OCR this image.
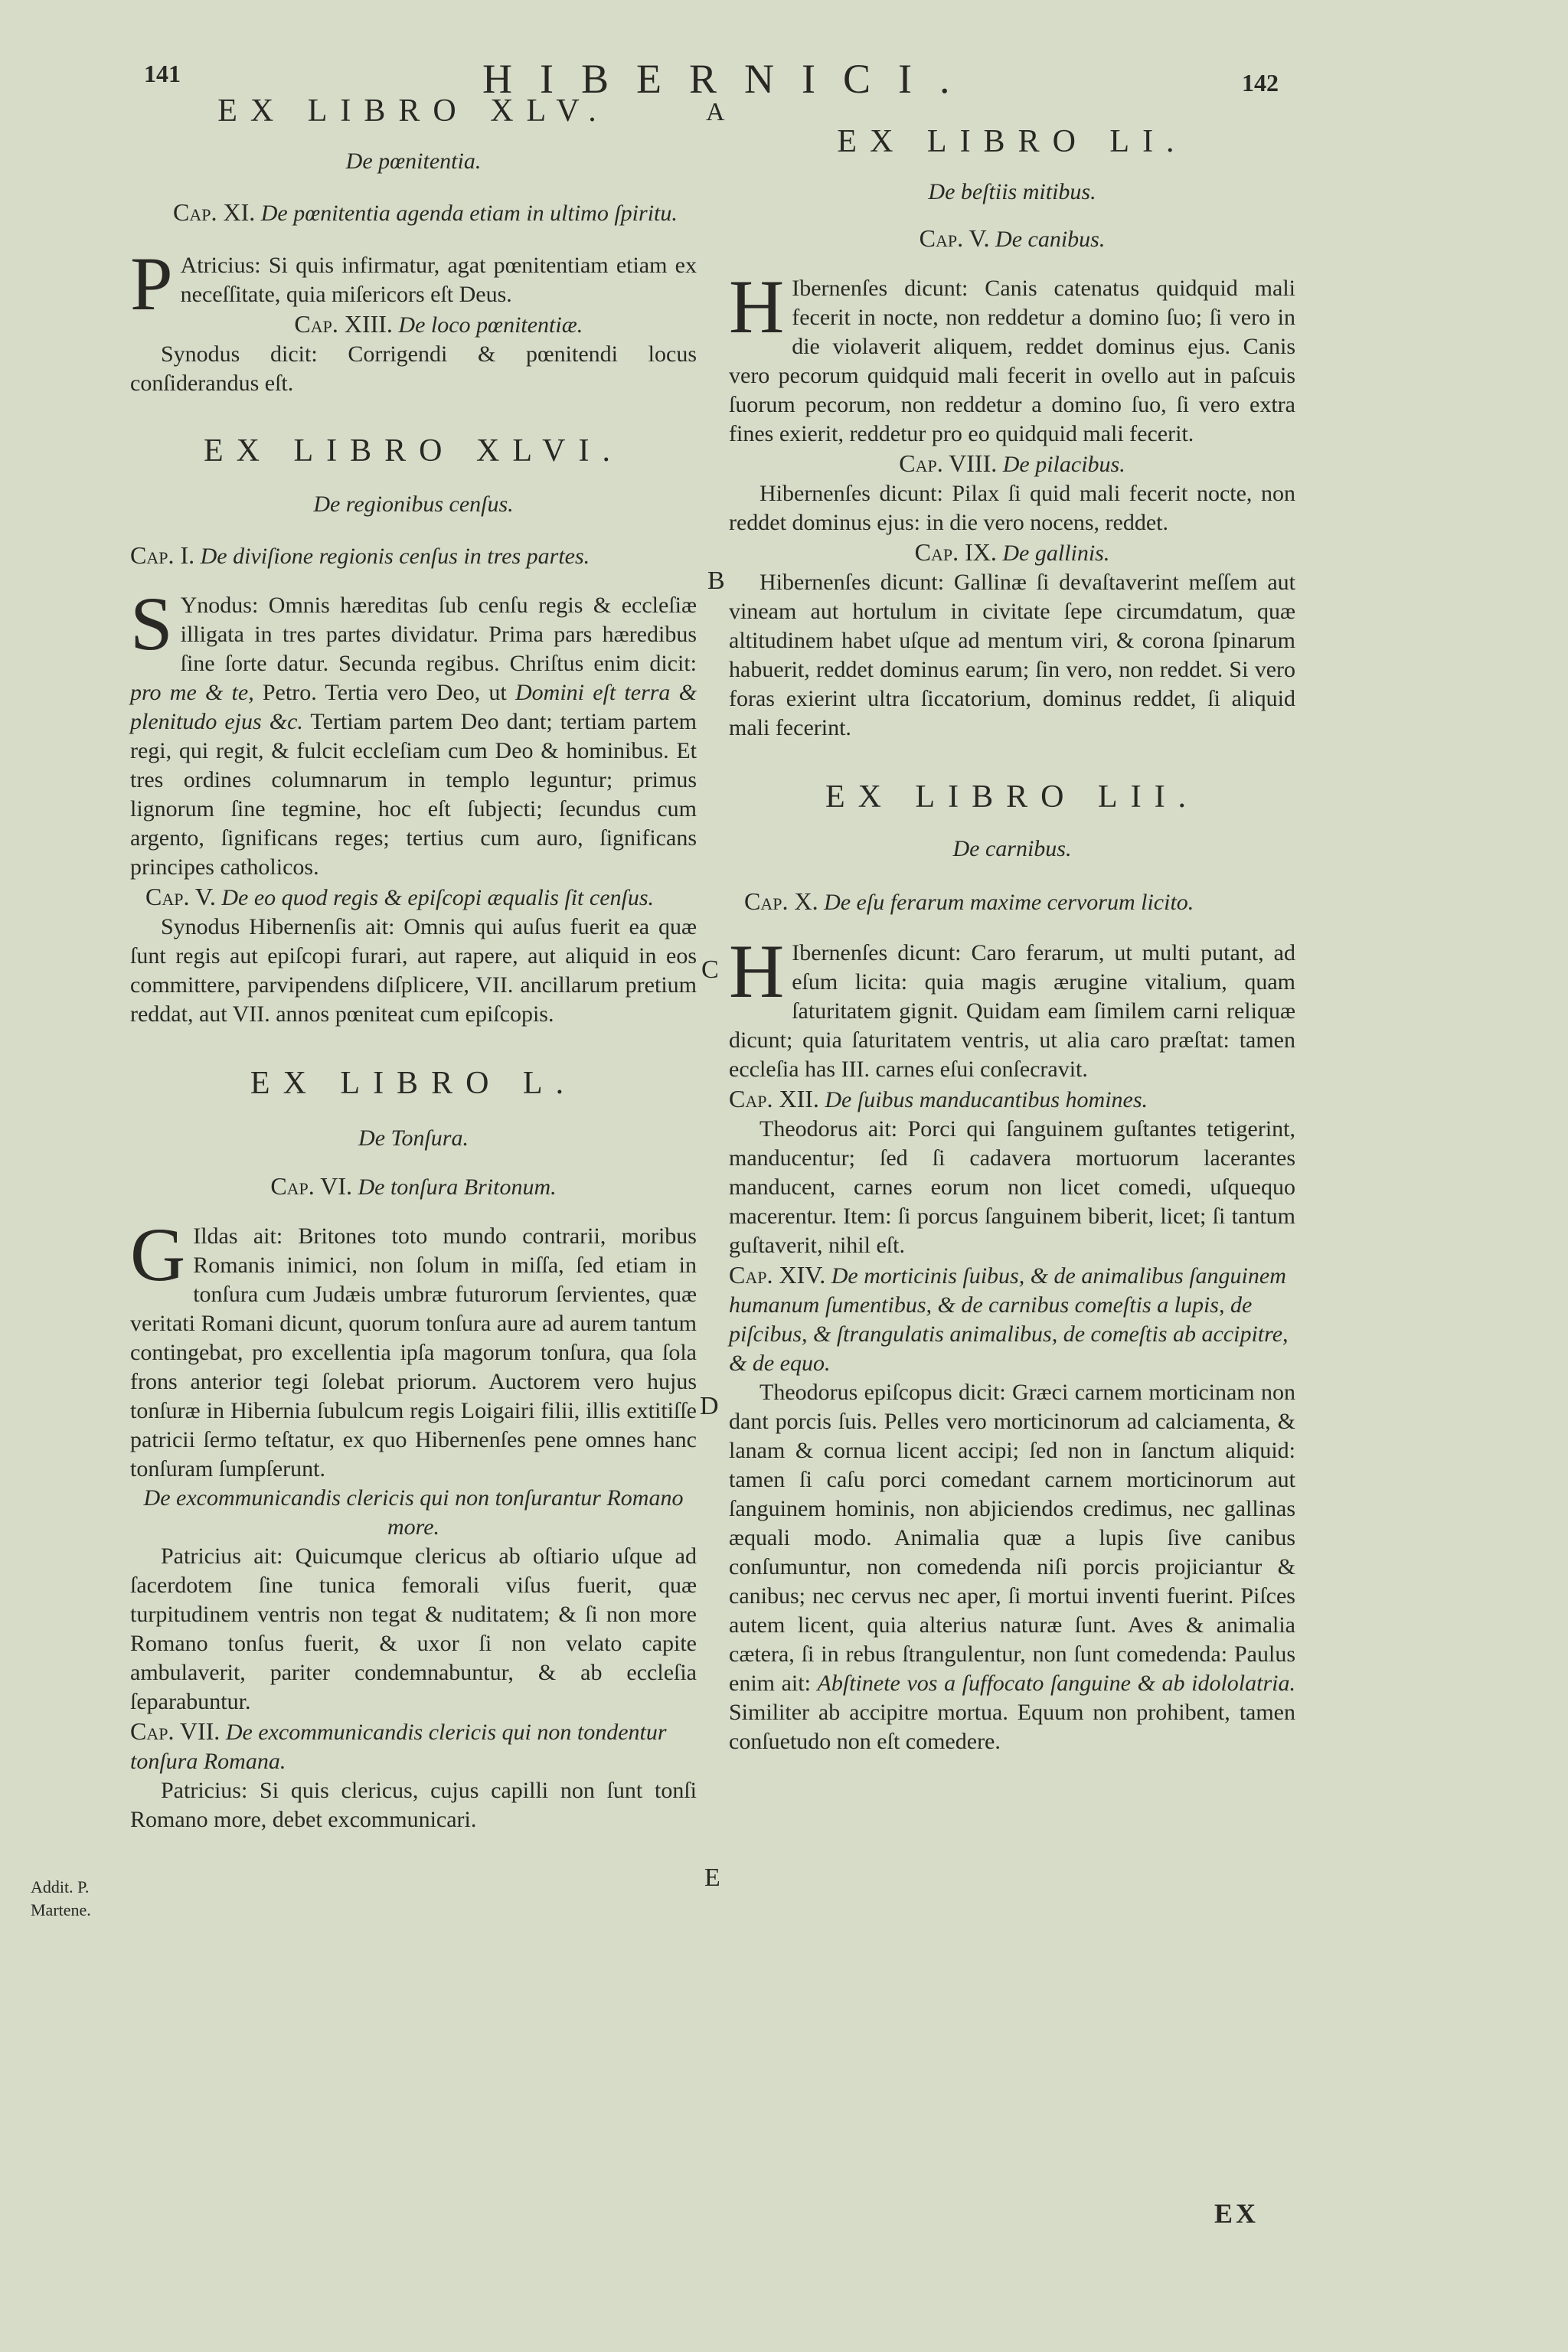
141	HIBERNICI.	142

EX LIBRO XLV.

De pœnitentia.

Cap. XI. De pœnitentia agenda etiam in ultimo ſpiritu.

P Atricius: Si quis infirmatur, agat pœnitentiam etiam ex neceſſitate, quia miſericors eſt Deus.

Cap. XIII. De loco pœnitentiæ.

Synodus dicit: Corrigendi & pœnitendi locus conſiderandus eſt.

EX LIBRO XLVI.

De regionibus cenſus.

Cap. I. De diviſione regionis cenſus in tres partes.

S Ynodus: Omnis hæreditas ſub cenſu regis & eccleſiæ illigata in tres partes dividatur. Prima pars hæredibus ſine ſorte datur. Secunda regibus. Chriſtus enim dicit: pro me & te, Petro. Tertia vero Deo, ut Domini eſt terra & plenitudo ejus &c. Tertiam partem Deo dant; tertiam partem regi, qui regit, & fulcit eccleſiam cum Deo & hominibus. Et tres ordines columnarum in templo leguntur; primus lignorum ſine tegmine, hoc eſt ſubjecti; ſecundus cum argento, ſignificans reges; tertius cum auro, ſignificans principes catholicos.

Cap. V. De eo quod regis & epiſcopi æqualis ſit cenſus.

Synodus Hibernenſis ait: Omnis qui auſus fuerit ea quæ ſunt regis aut epiſcopi furari, aut rapere, aut aliquid in eos committere, parvipendens diſplicere, VII. ancillarum pretium reddat, aut VII. annos pœniteat cum epiſcopis.

EX LIBRO L.

De Tonſura.

Cap. VI. De tonſura Britonum.

G Ildas ait: Britones toto mundo contrarii, moribus Romanis inimici, non ſolum in miſſa, ſed etiam in tonſura cum Judæis umbræ futurorum ſervientes, quæ veritati Romani dicunt, quorum tonſura aure ad aurem tantum contingebat, pro excellentia ipſa magorum tonſura, qua ſola frons anterior tegi ſolebat priorum. Auctorem vero hujus tonſuræ in Hibernia ſubulcum regis Loigairi filii, illis extitiſſe patricii ſermo teſtatur, ex quo Hibernenſes pene omnes hanc tonſuram ſumpſerunt.

De excommunicandis clericis qui non tonſurantur Romano more.

Patricius ait: Quicumque clericus ab oſtiario uſque ad ſacerdotem ſine tunica femorali viſus fuerit, quæ turpitudinem ventris non tegat & nuditatem; & ſi non more Romano tonſus fuerit, & uxor ſi non velato capite ambulaverit, pariter condemnabuntur, & ab eccleſia ſeparabuntur.

Cap. VII. De excommunicandis clericis qui non tondentur tonſura Romana.

Patricius: Si quis clericus, cujus capilli non ſunt tonſi Romano more, debet excommunicari.

EX LIBRO LI.

De beſtiis mitibus.

Cap. V. De canibus.

H Ibernenſes dicunt: Canis catenatus quidquid mali fecerit in nocte, non reddetur a domino ſuo; ſi vero in die violaverit aliquem, reddet dominus ejus. Canis vero pecorum quidquid mali fecerit in ovello aut in paſcuis ſuorum pecorum, non reddetur a domino ſuo, ſi vero extra fines exierit, reddetur pro eo quidquid mali fecerit.

Cap. VIII. De pilacibus.

Hibernenſes dicunt: Pilax ſi quid mali fecerit nocte, non reddet dominus ejus: in die vero nocens, reddet.

Cap. IX. De gallinis.

Hibernenſes dicunt: Gallinæ ſi devaſtaverint meſſem aut vineam aut hortulum in civitate ſepe circumdatum, quæ altitudinem habet uſque ad mentum viri, & corona ſpinarum habuerit, reddet dominus earum; ſin vero, non reddet. Si vero foras exierint ultra ſiccatorium, dominus reddet, ſi aliquid mali fecerint.

EX LIBRO LII.

De carnibus.

Cap. X. De eſu ferarum maxime cervorum licito.

H Ibernenſes dicunt: Caro ferarum, ut multi putant, ad eſum licita: quia magis ærugine vitalium, quam ſaturitatem gignit. Quidam eam ſimilem carni reliquæ dicunt; quia ſaturitatem ventris, ut alia caro præſtat: tamen eccleſia has III. carnes eſui conſecravit.

Cap. XII. De ſuibus manducantibus homines.

Theodorus ait: Porci qui ſanguinem guſtantes tetigerint, manducentur; ſed ſi cadavera mortuorum lacerantes manducent, carnes eorum non licet comedi, uſquequo macerentur. Item: ſi porcus ſanguinem biberit, licet; ſi tantum guſtaverit, nihil eſt.

Cap. XIV. De morticinis ſuibus, & de animalibus ſanguinem humanum ſumentibus, & de carnibus comeſtis a lupis, de piſcibus, & ſtrangulatis animalibus, de comeſtis ab accipitre, & de equo.

Theodorus epiſcopus dicit: Græci carnem morticinam non dant porcis ſuis. Pelles vero morticinorum ad calciamenta, & lanam & cornua licent accipi; ſed non in ſanctum aliquid: tamen ſi caſu porci comedant carnem morticinorum aut ſanguinem hominis, non abjiciendos credimus, nec gallinas æquali modo. Animalia quæ a lupis ſive canibus conſumuntur, non comedenda niſi porcis projiciantur & canibus; nec cervus nec aper, ſi mortui inventi fuerint. Piſces autem licent, quia alterius naturæ ſunt. Aves & animalia cætera, ſi in rebus ſtrangulentur, non ſunt comedenda: Paulus enim ait: Abſtinete vos a ſuffocato ſanguine & ab idololatria. Similiter ab accipitre mortua. Equum non prohibent, tamen conſuetudo non eſt comedere.

A
B
C
D
E
Addit. P. Martene.
EX
